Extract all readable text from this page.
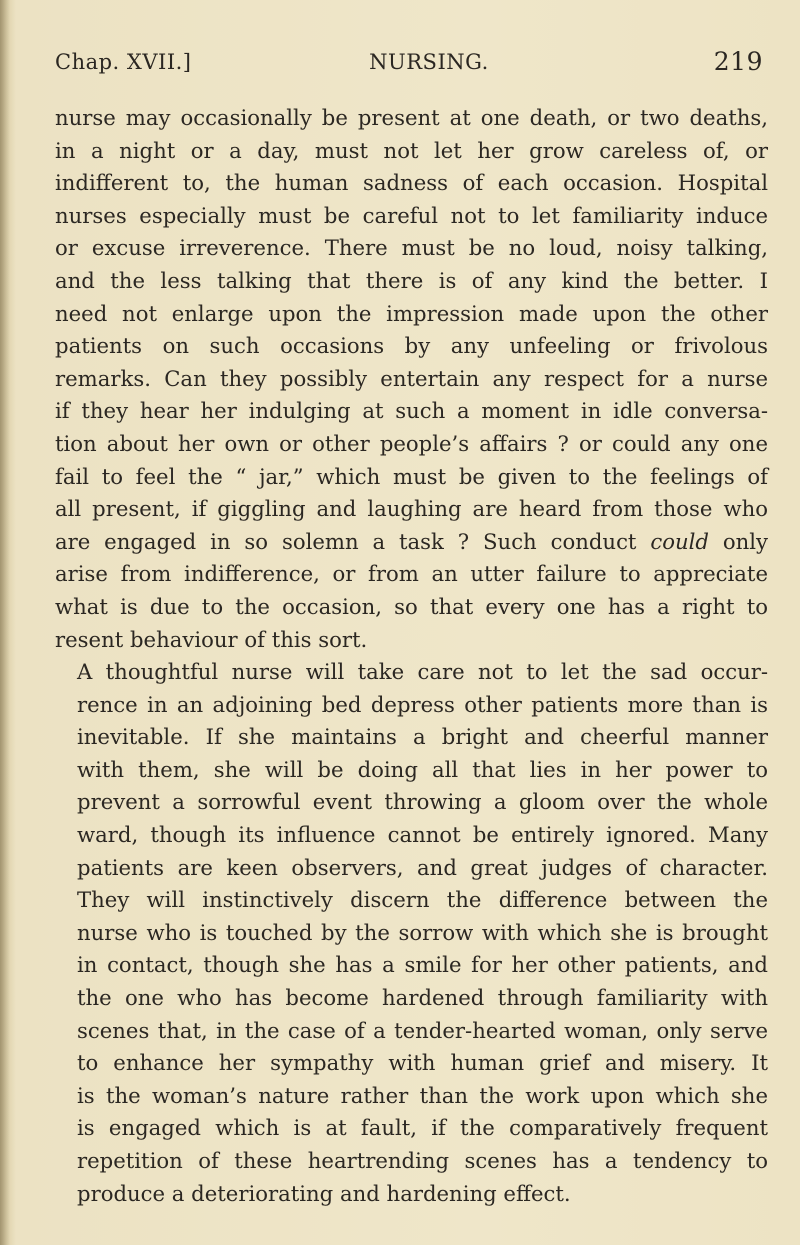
Chap. XVII.]	NURSING.	219

nurse may occasionally be present at one death, or two deaths,
in a night or a day, must not let her grow careless of, or
indifferent to, the human sadness of each occasion. Hospital
nurses especially must be careful not to let familiarity induce
or excuse irreverence. There must be no loud, noisy talking,
and the less talking that there is of any kind the better. I
need not enlarge upon the impression made upon the other
patients on such occasions by any unfeeling or frivolous
remarks. Can they possibly entertain any respect for a nurse
if they hear her indulging at such a moment in idle conversa-
tion about her own or other people’s affairs ? or could any one
fail to feel the “ jar,” which must be given to the feelings of
all present, if giggling and laughing are heard from those who
are engaged in so solemn a task ? Such conduct could only
arise from indifference, or from an utter failure to appreciate
what is due to the occasion, so that every one has a right to
resent behaviour of this sort.

A thoughtful nurse will take care not to let the sad occur-
rence in an adjoining bed depress other patients more than is
inevitable. If she maintains a bright and cheerful manner
with them, she will be doing all that lies in her power to
prevent a sorrowful event throwing a gloom over the whole
ward, though its influence cannot be entirely ignored. Many
patients are keen observers, and great judges of character.
They will instinctively discern the difference between the
nurse who is touched by the sorrow with which she is brought
in contact, though she has a smile for her other patients, and
the one who has become hardened through familiarity with
scenes that, in the case of a tender-hearted woman, only serve
to enhance her sympathy with human grief and misery. It
is the woman’s nature rather than the work upon which she
is engaged which is at fault, if the comparatively frequent
repetition of these heartrending scenes has a tendency to
produce a deteriorating and hardening effect.
